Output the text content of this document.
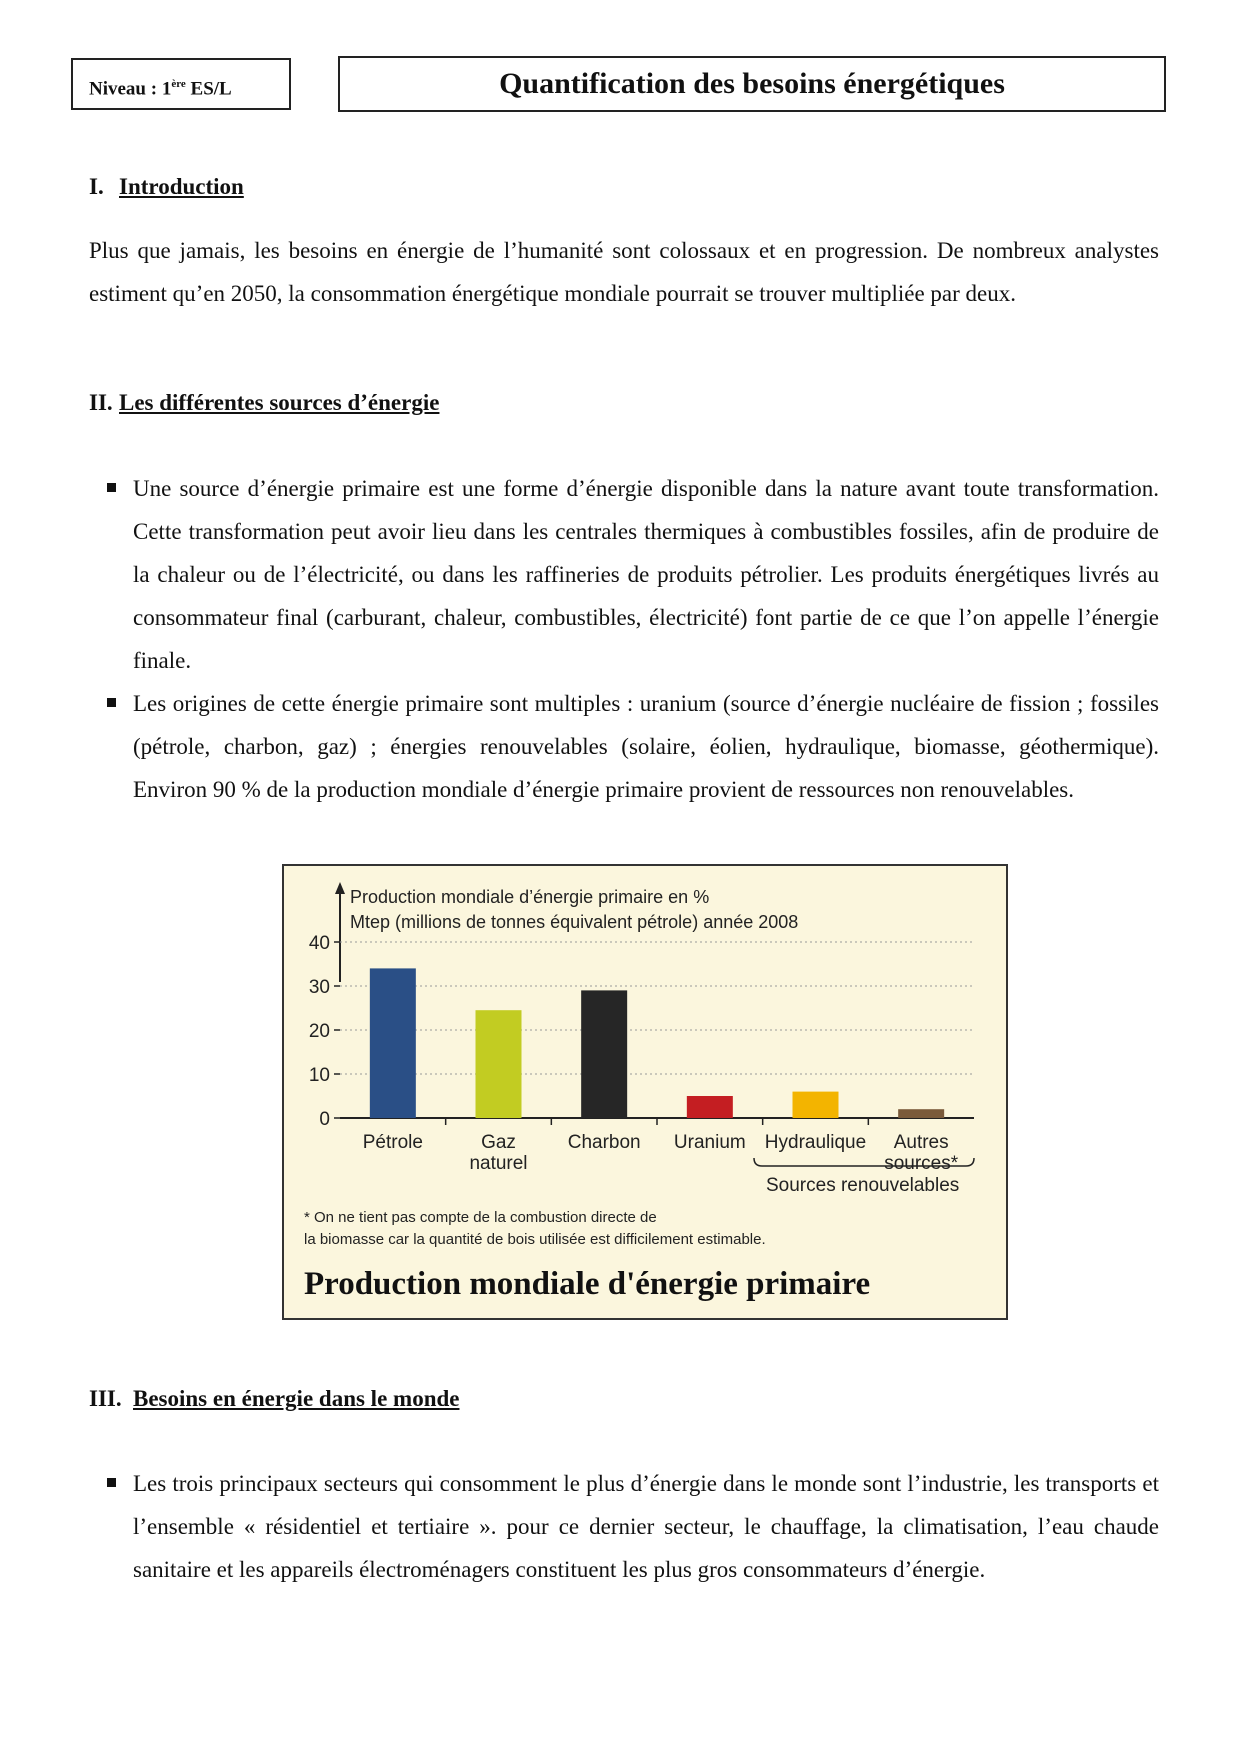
Niveau : 1ère ES/L	Quantification des besoins énergétiques
I. Introduction

Plus que jamais, les besoins en énergie de l’humanité sont colossaux et en progression. De nombreux analystes estiment qu’en 2050, la consommation énergétique mondiale pourrait se trouver multipliée par deux.

II. Les différentes sources d’énergie
Une source d’énergie primaire est une forme d’énergie disponible dans la nature avant toute transformation. Cette transformation peut avoir lieu dans les centrales thermiques à combustibles fossiles, afin de produire de la chaleur ou de l’électricité, ou dans les raffineries de produits pétrolier. Les produits énergétiques livrés au consommateur final (carburant, chaleur, combustibles, électricité) font partie de ce que l’on appelle l’énergie finale.
Les origines de cette énergie primaire sont multiples : uranium (source d’énergie nucléaire de fission ; fossiles (pétrole, charbon, gaz) ; énergies renouvelables (solaire, éolien, hydraulique, biomasse, géothermique). Environ 90 % de la production mondiale d’énergie primaire provient de ressources non renouvelables.
Production mondiale d’énergie primaire en %
Mtep (millions de tonnes équivalent pétrole) année 2008
0
10
20
30
40
Pétrole	Gaz
naturel
Charbon Uranium Hydraulique Autres
sources*
Sources renouvelables
* On ne tient pas compte de la combustion directe de
la biomasse car la quantité de bois utilisée est difficilement estimable.
Production mondiale d'énergie primaire
III. Besoins en énergie dans le monde
Les trois principaux secteurs qui consomment le plus d’énergie dans le monde sont l’industrie, les transports et l’ensemble « résidentiel et tertiaire ». pour ce dernier secteur, le chauffage, la climatisation, l’eau chaude sanitaire et les appareils électroménagers constituent les plus gros consommateurs d’énergie.
